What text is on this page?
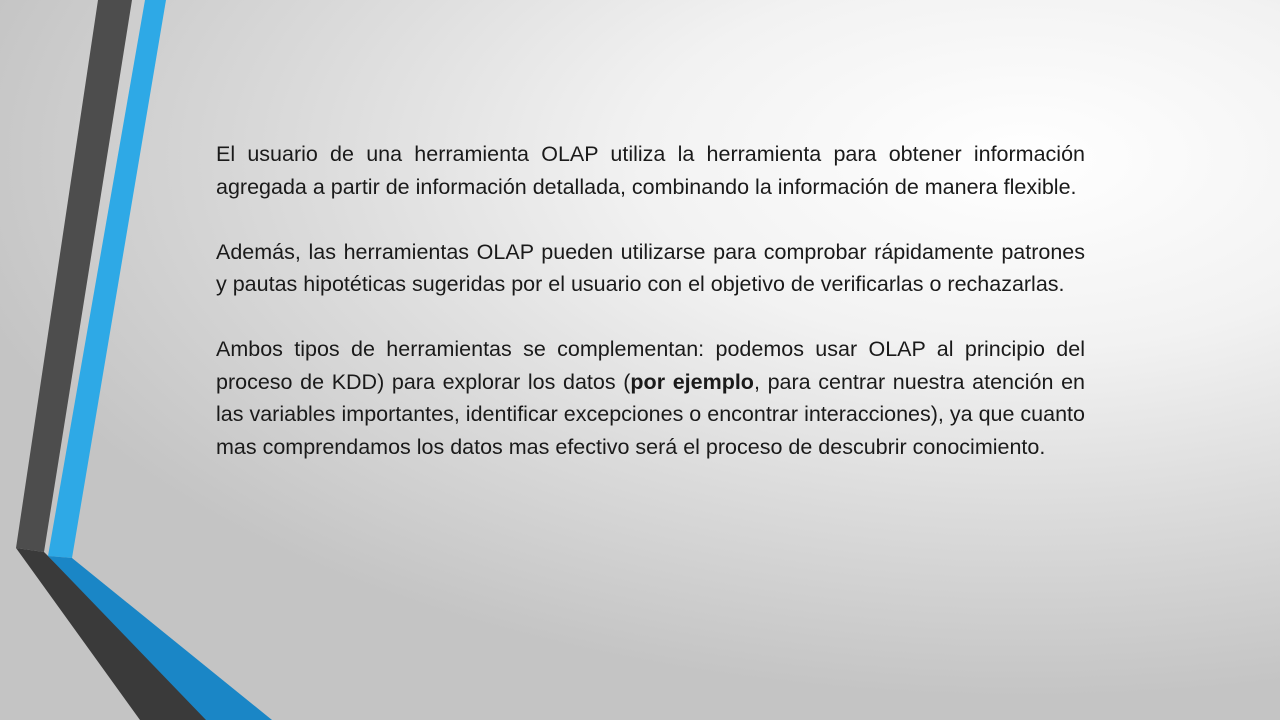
El usuario de una herramienta OLAP utiliza la herramienta para obtener información agregada a partir de información detallada, combinando la información de manera flexible.

Además, las herramientas OLAP pueden utilizarse para comprobar rápidamente patrones y pautas hipotéticas sugeridas por el usuario con el objetivo de verificarlas o rechazarlas.

Ambos tipos de herramientas se complementan: podemos usar OLAP al principio del proceso de KDD) para explorar los datos (por ejemplo, para centrar nuestra atención en las variables importantes, identificar excepciones o encontrar interacciones), ya que cuanto mas comprendamos los datos mas efectivo será el proceso de descubrir conocimiento.
